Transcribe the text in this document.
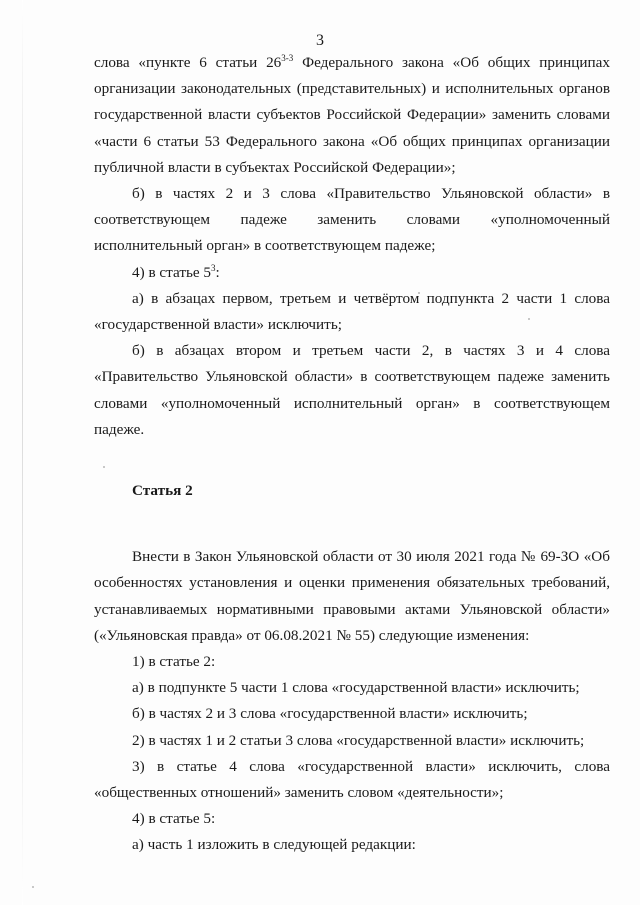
3

слова «пункте 6 статьи 26$^{3-3}$ Федерального закона «Об общих принципах организации законодательных (представительных) и исполнительных органов государственной власти субъектов Российской Федерации» заменить словами «части 6 статьи 53 Федерального закона «Об общих принципах организации публичной власти в субъектах Российской Федерации»;

б) в частях 2 и 3 слова «Правительство Ульяновской области» в соответствующем падеже заменить словами «уполномоченный исполнительный орган» в соответствующем падеже;

4) в статье $5^3$:

а) в абзацах первом, третьем и четвёртом подпункта 2 части 1 слова «государственной власти» исключить;

б) в абзацах втором и третьем части 2, в частях 3 и 4 слова «Правительство Ульяновской области» в соответствующем падеже заменить словами «уполномоченный исполнительный орган» в соответствующем падеже.

Статья 2

Внести в Закон Ульяновской области от 30 июля 2021 года № 69-ЗО «Об особенностях установления и оценки применения обязательных требований, устанавливаемых нормативными правовыми актами Ульяновской области» («Ульяновская правда» от 06.08.2021 № 55) следующие изменения:

1) в статье 2:

а) в подпункте 5 части 1 слова «государственной власти» исключить;

б) в частях 2 и 3 слова «государственной власти» исключить;

2) в частях 1 и 2 статьи 3 слова «государственной власти» исключить;

3) в статье 4 слова «государственной власти» исключить, слова «общественных отношений» заменить словом «деятельности»;

4) в статье 5:

а) часть 1 изложить в следующей редакции:
